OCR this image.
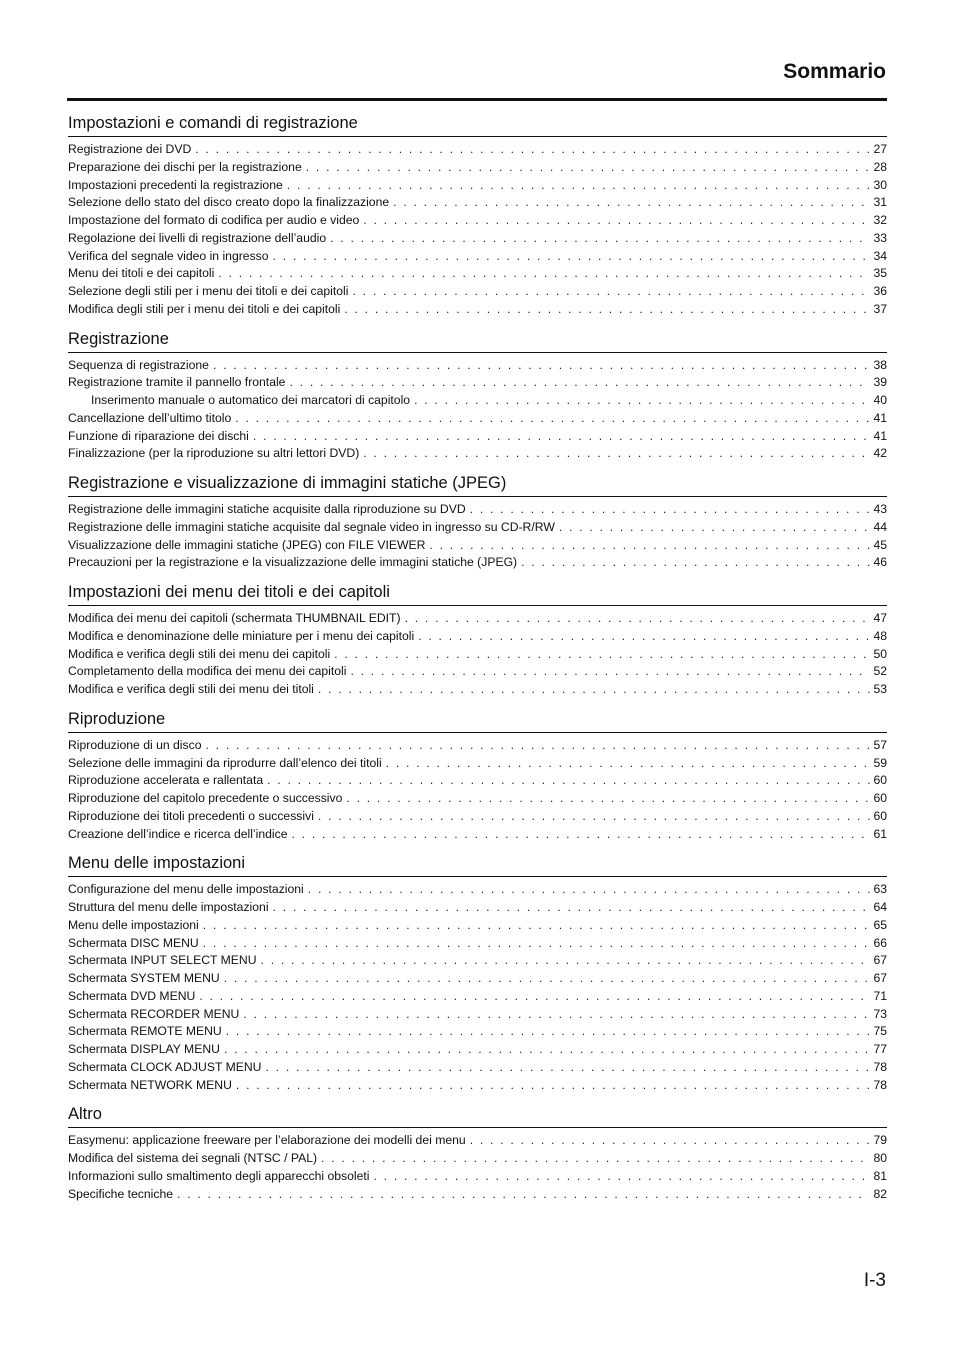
Sommario
Impostazioni e comandi di registrazione
Registrazione dei DVD . . .	27
Preparazione dei dischi per la registrazione . . .	28
Impostazioni precedenti la registrazione . . .	30
Selezione dello stato del disco creato dopo la finalizzazione . . .	31
Impostazione del formato di codifica per audio e video . . .	32
Regolazione dei livelli di registrazione dell’audio . . .	33
Verifica del segnale video in ingresso . . .	34
Menu dei titoli e dei capitoli . . .	35
Selezione degli stili per i menu dei titoli e dei capitoli . . .	36
Modifica degli stili per i menu dei titoli e dei capitoli . . .	37
Registrazione
Sequenza di registrazione . . .	38
Registrazione tramite il pannello frontale . . .	39
Inserimento manuale o automatico dei marcatori di capitolo . . .	40
Cancellazione dell’ultimo titolo . . .	41
Funzione di riparazione dei dischi . . .	41
Finalizzazione (per la riproduzione su altri lettori DVD) . . .	42
Registrazione e visualizzazione di immagini statiche (JPEG)
Registrazione delle immagini statiche acquisite dalla riproduzione su DVD . . .	43
Registrazione delle immagini statiche acquisite dal segnale video in ingresso su CD-R/RW . . .	44
Visualizzazione delle immagini statiche (JPEG) con FILE VIEWER . . .	45
Precauzioni per la registrazione e la visualizzazione delle immagini statiche (JPEG) . . .	46
Impostazioni dei menu dei titoli e dei capitoli
Modifica dei menu dei capitoli (schermata THUMBNAIL EDIT) . . .	47
Modifica e denominazione delle miniature per i menu dei capitoli . . .	48
Modifica e verifica degli stili dei menu dei capitoli . . .	50
Completamento della modifica dei menu dei capitoli . . .	52
Modifica e verifica degli stili dei menu dei titoli . . .	53
Riproduzione
Riproduzione di un disco . . .	57
Selezione delle immagini da riprodurre dall’elenco dei titoli . . .	59
Riproduzione accelerata e rallentata . . .	60
Riproduzione del capitolo precedente o successivo . . .	60
Riproduzione dei titoli precedenti o successivi . . .	60
Creazione dell’indice e ricerca dell’indice . . .	61
Menu delle impostazioni
Configurazione del menu delle impostazioni . . .	63
Struttura del menu delle impostazioni . . .	64
Menu delle impostazioni . . .	65
Schermata DISC MENU . . .	66
Schermata INPUT SELECT MENU . . .	67
Schermata SYSTEM MENU . . .	67
Schermata DVD MENU . . .	71
Schermata RECORDER MENU . . .	73
Schermata REMOTE MENU . . .	75
Schermata DISPLAY MENU . . .	77
Schermata CLOCK ADJUST MENU . . .	78
Schermata NETWORK MENU . . .	78
Altro
Easymenu: applicazione freeware per l’elaborazione dei modelli dei menu . . .	79
Modifica del sistema dei segnali (NTSC / PAL) . . .	80
Informazioni sullo smaltimento degli apparecchi obsoleti . . .	81
Specifiche tecniche . . .	82
I-3
